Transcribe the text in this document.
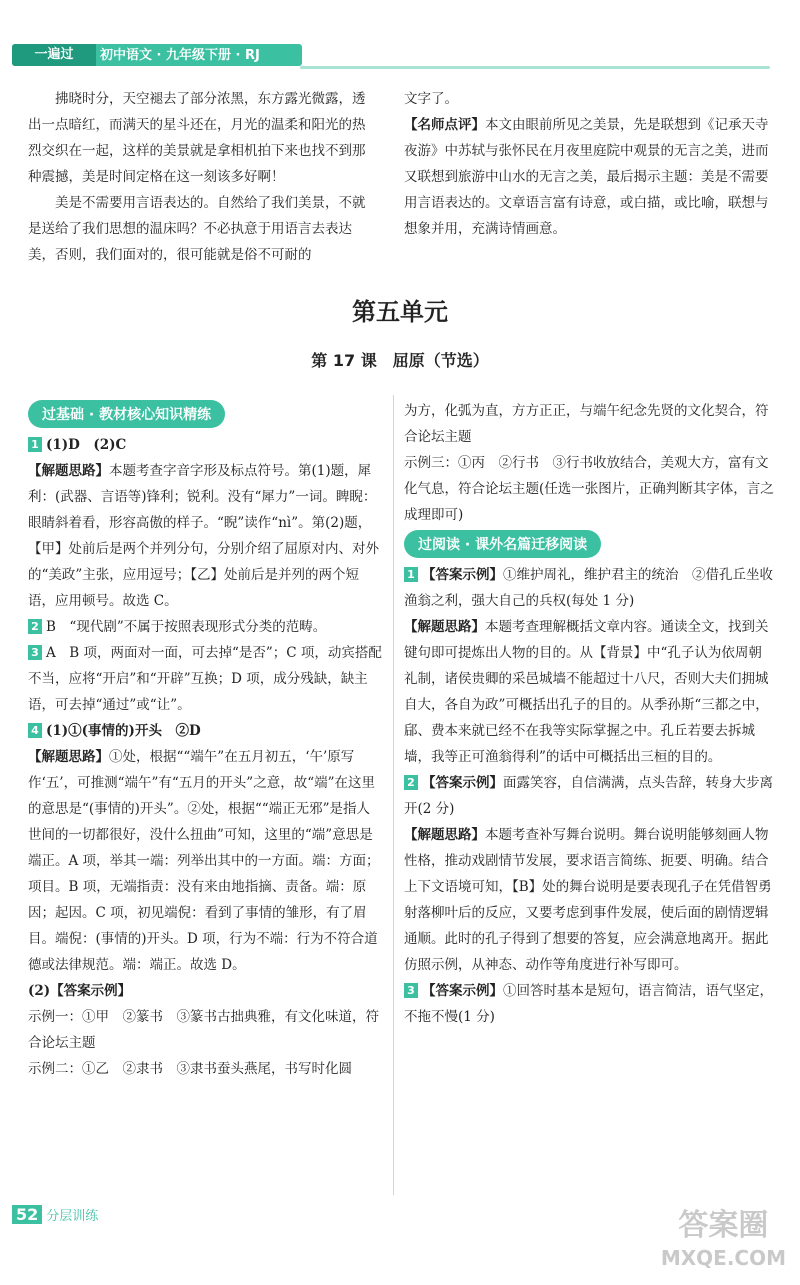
一遍过	初中语文 · 九年级下册 · RJ

拂晓时分，天空褪去了部分浓黑，东方露光微露，透出一点暗红，而满天的星斗还在，月光的温柔和阳光的热烈交织在一起，这样的美景就是拿相机拍下来也找不到那种震撼，美是时间定格在这一刻该多好啊！

美是不需要用言语表达的。自然给了我们美景，不就是送给了我们思想的温床吗？不必执意于用语言去表达美，否则，我们面对的，很可能就是俗不可耐的

文字了。

【名师点评】本文由眼前所见之美景，先是联想到《记承天寺夜游》中苏轼与张怀民在月夜里庭院中观景的无言之美，进而又联想到旅游中山水的无言之美，最后揭示主题：美是不需要用言语表达的。文章语言富有诗意，或白描，或比喻，联想与想象并用，充满诗情画意。

第五单元
第 17 课　屈原（节选）
过基础 · 教材核心知识精练

1 (1)D　(2)C

【解题思路】本题考查字音字形及标点符号。第(1)题，犀利：(武器、言语等)锋利；锐利。没有“犀力”一词。睥睨：眼睛斜着看，形容高傲的样子。“睨”读作“nì”。第(2)题，【甲】处前后是两个并列分句，分别介绍了屈原对内、对外的“美政”主张，应用逗号；【乙】处前后是并列的两个短语，应用顿号。故选 C。

2 B　“现代剧”不属于按照表现形式分类的范畴。

3 A　B 项，两面对一面，可去掉“是否”；C 项，动宾搭配不当，应将“开启”和“开辟”互换；D 项，成分残缺，缺主语，可去掉“通过”或“让”。

4 (1)①(事情的)开头　②D

【解题思路】①处，根据““端午”在五月初五，‘午’原写作‘五’，可推测“端午”有“五月的开头”之意，故“端”在这里的意思是“(事情的)开头”。②处，根据““端正无邪”是指人世间的一切都很好，没什么扭曲”可知，这里的“端”意思是端正。A 项，举其一端：列举出其中的一方面。端：方面；项目。B 项，无端指责：没有来由地指摘、责备。端：原因；起因。C 项，初见端倪：看到了事情的雏形，有了眉目。端倪：(事情的)开头。D 项，行为不端：行为不符合道德或法律规范。端：端正。故选 D。

(2)【答案示例】

示例一：①甲　②篆书　③篆书古拙典雅，有文化味道，符合论坛主题

示例二：①乙　②隶书　③隶书蚕头燕尾，书写时化圆

为方，化弧为直，方方正正，与端午纪念先贤的文化契合，符合论坛主题

示例三：①丙　②行书　③行书收放结合，美观大方，富有文化气息，符合论坛主题(任选一张图片，正确判断其字体，言之成理即可)

过阅读 · 课外名篇迁移阅读

1 【答案示例】①维护周礼，维护君主的统治　②借孔丘坐收渔翁之利，强大自己的兵权(每处 1 分)

【解题思路】本题考查理解概括文章内容。通读全文，找到关键句即可提炼出人物的目的。从【背景】中“孔子认为依周朝礼制，诸侯贵卿的采邑城墙不能超过十八尺，否则大夫们拥城自大，各自为政”可概括出孔子的目的。从季孙斯“三都之中，郈、费本来就已经不在我等实际掌握之中。孔丘若要去拆城墙，我等正可渔翁得利”的话中可概括出三桓的目的。

2 【答案示例】面露笑容，自信满满，点头告辞，转身大步离开(2 分)

【解题思路】本题考查补写舞台说明。舞台说明能够刻画人物性格，推动戏剧情节发展，要求语言简练、扼要、明确。结合上下文语境可知，【B】处的舞台说明是要表现孔子在凭借智勇射落柳叶后的反应，又要考虑到事件发展，使后面的剧情逻辑通顺。此时的孔子得到了想要的答复，应会满意地离开。据此仿照示例，从神态、动作等角度进行补写即可。

3 【答案示例】①回答时基本是短句，语言简洁，语气坚定，不拖不慢(1 分)

52 分层训练	答案圈
MXQE.COM
